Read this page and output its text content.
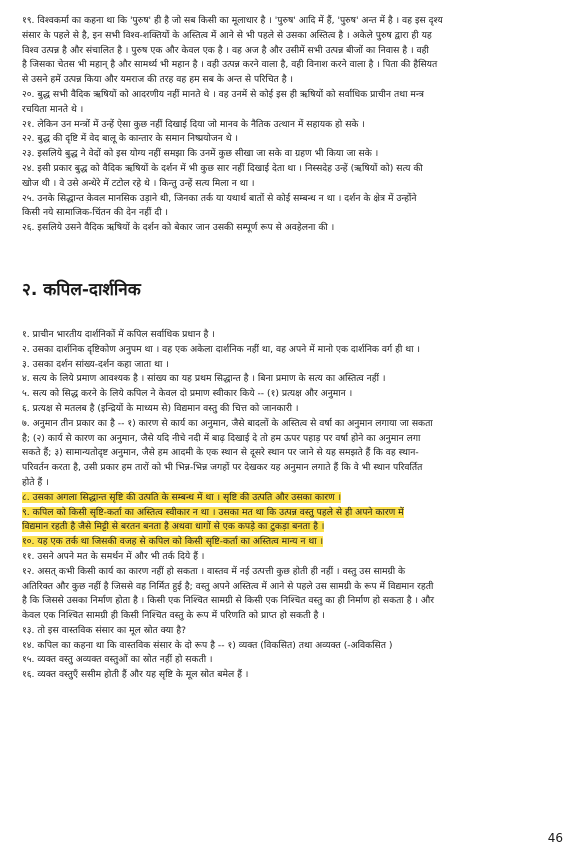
१९. विश्वकर्मा का कहना था कि 'पुरुष' ही है जो सब किसी का मूलाधार है । 'पुरुष' आदि में हैं, 'पुरुष' अन्त में है । वह इस दृश्य
संसार के पहले से है, इन सभी विश्व-शक्तियों के अस्तित्व में आने से भी पहले से उसका अस्तित्व है । अकेले पुरुष द्वारा ही यह
विश्व उत्पन्न है और संचालित है । पुरुष एक और केवल एक है । वह अज है और उसीमें सभी उत्पन्न बीजों का निवास है । वही
है जिसका चेतस भी महान् है और सामर्थ्य भी महान है । वही उत्पन्न करने वाला है, वही विनाश करने वाला है । पिता की हैसियत
से उसने हमें उत्पन्न किया और यमराज की तरह वह हम सब के अन्त से परिचित है ।

२०. बुद्ध सभी वैदिक ऋषियों को आदरणीय नहीं मानते थे । वह उनमें से कोई इस ही ऋषियों को सर्वाधिक प्राचीन तथा मन्त्र
रचयिता मानते थे ।

२१. लेकिन उन मन्त्रों में उन्हें ऐसा कुछ नहीं दिखाई दिया जो मानव के नैतिक उत्थान में सहायक हो सके ।

२२. बुद्ध की दृष्टि में वेद बालू के कान्तार के समान निष्प्रयोजन थे ।

२३. इसलिये बुद्ध ने वेदों को इस योग्य नहीं समझा कि उनमें कुछ सीखा जा सके वा ग्रहण भी किया जा सके ।

२४. इसी प्रकार बुद्ध को वैदिक ऋषियों के दर्शन में भी कुछ सार नहीं दिखाई देता था । निस्सदेह उन्हें (ऋषियों को) सत्य की
खोज थी । वे उसे अन्धेरे में टटोल रहे थे । किन्तु उन्हें सत्य मिला न था ।

२५. उनके सिद्धान्त केवल मानसिक उड़ाने थी, जिनका तर्क या यथार्थ बातों से कोई सम्बन्ध न था । दर्शन के क्षेत्र में उन्होंने
किसी नये सामाजिक-चिंतन की देन नहीं दी ।

२६. इसलिये उसने वैदिक ऋषियों के दर्शन को बेकार जान उसकी सम्पूर्ण रूप से अवहेलना की ।

२. कपिल-दार्शनिक

१. प्राचीन भारतीय दार्शनिकों में कपिल सर्वाधिक प्रधान है ।

२. उसका दार्शनिक दृष्टिकोण अनुपम था । वह एक अकेला दार्शनिक नहीं था, वह अपने में मानो एक दार्शनिक वर्ग ही था ।

३. उसका दर्शन सांख्य-दर्शन कहा जाता था ।

४. सत्य के लिये प्रमाण आवश्यक है । सांख्य का यह प्रथम सिद्धान्त है । बिना प्रमाण के सत्य का अस्तित्व नहीं ।

५. सत्य को सिद्ध करने के लिये कपिल ने केवल दो प्रमाण स्वीकार किये -- (१) प्रत्यक्ष और अनुमान ।

६. प्रत्यक्ष से मतलब है (इन्द्रियों के माध्यम से) विद्यमान वस्तु की चित्त को जानकारी ।

७. अनुमान तीन प्रकार का है -- १) कारण से कार्य का अनुमान, जैसे बादलों के अस्तित्व से वर्षा का अनुमान लगाया जा सकता
है; (२) कार्य से कारण का अनुमान, जैसे यदि नीचे नदी में बाढ़ दिखाई दे तो हम ऊपर पहाड़ पर वर्षा होने का अनुमान लगा
सकते हैं; ३) सामान्यतोदृष्ट अनुमान, जैसे हम आदमी के एक स्थान से दूसरे स्थान पर जाने से यह समझते हैं कि वह स्थान-
परिवर्तन करता है, उसी प्रकार हम तारों को भी भिन्न-भिन्न जगहों पर देखकर यह अनुमान लगाते हैं कि वे भी स्थान परिवर्तित
होते हैं ।

८. उसका अगला सिद्धान्त सृष्टि की उत्पति के सम्बन्ध में था । सृष्टि की उत्पति और उसका कारण ।

९. कपिल को किसी सृष्टि-कर्ता का अस्तित्व स्वीकार न था । उसका मत था कि उत्पन्न वस्तु पहले से ही अपने कारण में
विद्यमान रहती है जैसे मिट्टी से बरतन बनता है अथवा धागों से एक कपड़े का टुकड़ा बनता है ।

१०. यह एक तर्क था जिसकी वजह से कपिल को किसी सृष्टि-कर्ता का अस्तित्व मान्य न था ।

११. उसने अपने मत के समर्थन में और भी तर्क दिये हैं ।

१२. असत् कभी किसी कार्य का कारण नहीं हो सकता । वास्तव में नई उत्पत्ती कुछ होती ही नहीं । वस्तु उस सामग्री के
अतिरिक्त और कुछ नहीं है जिससे वह निर्मित हुई है; वस्तु अपने अस्तित्व में आने से पहले उस सामग्री के रूप में विद्यमान रहती
है कि जिससे उसका निर्माण होता है । किसी एक निश्चित सामग्री से किसी एक निश्चित वस्तु का ही निर्माण हो सकता है । और
केवल एक निश्चित सामग्री ही किसी निश्चित वस्तु के रूप में परिणति को प्राप्त हो सकती है ।

१३. तो इस वास्तविक संसार का मूल स्रोत क्या है?

१४. कपिल का कहना था कि वास्तविक संसार के दो रूप है -- १) व्यक्त (विकसित) तथा अव्यक्त (-अविकसित )

१५. व्यक्त वस्तु अव्यक्त वस्तुओं का स्रोत नहीं हो सकती ।

१६. व्यक्त वस्तुएँ ससीम होती हैं और यह सृष्टि के मूल स्रोत बमेल हैं ।

46
